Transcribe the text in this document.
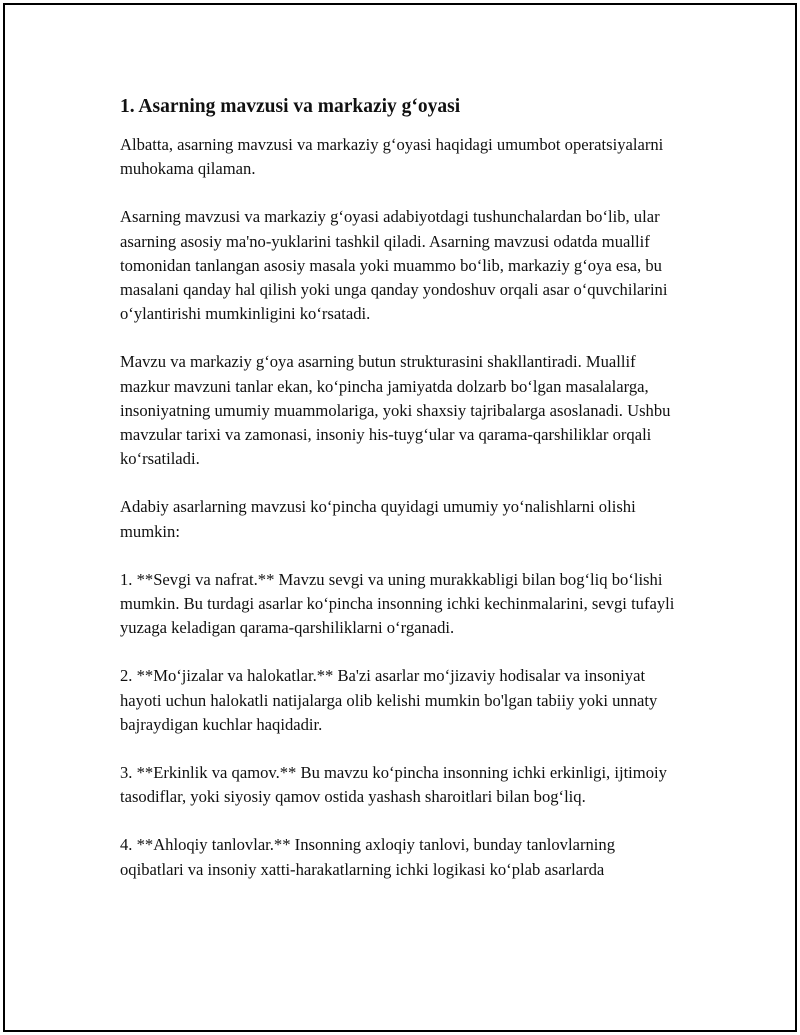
1. Asarning mavzusi va markaziy g‘oyasi

Albatta, asarning mavzusi va markaziy g‘oyasi haqidagi umumbot operatsiyalarni muhokama qilaman.

Asarning mavzusi va markaziy g‘oyasi adabiyotdagi tushunchalardan bo‘lib, ular asarning asosiy ma'no-yuklarini tashkil qiladi. Asarning mavzusi odatda muallif tomonidan tanlangan asosiy masala yoki muammo bo‘lib, markaziy g‘oya esa, bu masalani qanday hal qilish yoki unga qanday yondoshuv orqali asar o‘quvchilarini o‘ylantirishi mumkinligini ko‘rsatadi.

Mavzu va markaziy g‘oya asarning butun strukturasini shakllantiradi. Muallif mazkur mavzuni tanlar ekan, ko‘pincha jamiyatda dolzarb bo‘lgan masalalarga, insoniyatning umumiy muammolariga, yoki shaxsiy tajribalarga asoslanadi. Ushbu mavzular tarixi va zamonasi, insoniy his-tuyg‘ular va qarama-qarshiliklar orqali ko‘rsatiladi.

Adabiy asarlarning mavzusi ko‘pincha quyidagi umumiy yo‘nalishlarni olishi mumkin:

1. **Sevgi va nafrat.** Mavzu sevgi va uning murakkabligi bilan bog‘liq bo‘lishi mumkin. Bu turdagi asarlar ko‘pincha insonning ichki kechinmalarini, sevgi tufayli yuzaga keladigan qarama-qarshiliklarni o‘rganadi.

2. **Mo‘jizalar va halokatlar.** Ba'zi asarlar mo‘jizaviy hodisalar va insoniyat hayoti uchun halokatli natijalarga olib kelishi mumkin bo'lgan tabiiy yoki unnaty bajraydigan kuchlar haqidadir.

3. **Erkinlik va qamov.** Bu mavzu ko‘pincha insonning ichki erkinligi, ijtimoiy tasodiflar, yoki siyosiy qamov ostida yashash sharoitlari bilan bog‘liq.

4. **Ahloqiy tanlovlar.** Insonning axloqiy tanlovi, bunday tanlovlarning oqibatlari va insoniy xatti-harakatlarning ichki logikasi ko‘plab asarlarda
